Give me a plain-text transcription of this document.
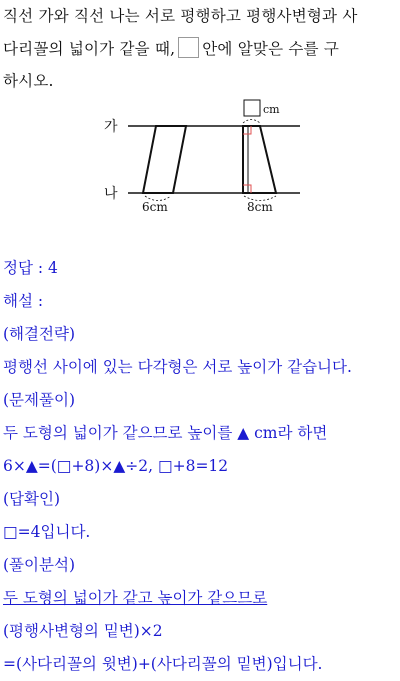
직선 가와 직선 나는 서로 평행하고 평행사변형과 사
다리꼴의 넓이가 같을 때, 안에 알맞은 수를 구
하시오.
가
나
6cm
cm
8cm
정답 : 4
해설 :
(해결전략)
평행선 사이에 있는 다각형은 서로 높이가 같습니다.
(문제풀이)
두 도형의 넓이가 같으므로 높이를 ▲ cm라 하면
6×▲=(□+8)×▲÷2, □+8=12
(답확인)
□=4입니다.
(풀이분석)
두 도형의 넓이가 같고 높이가 같으므로
(평행사변형의 밑변)×2
=(사다리꼴의 윗변)+(사다리꼴의 밑변)입니다.
